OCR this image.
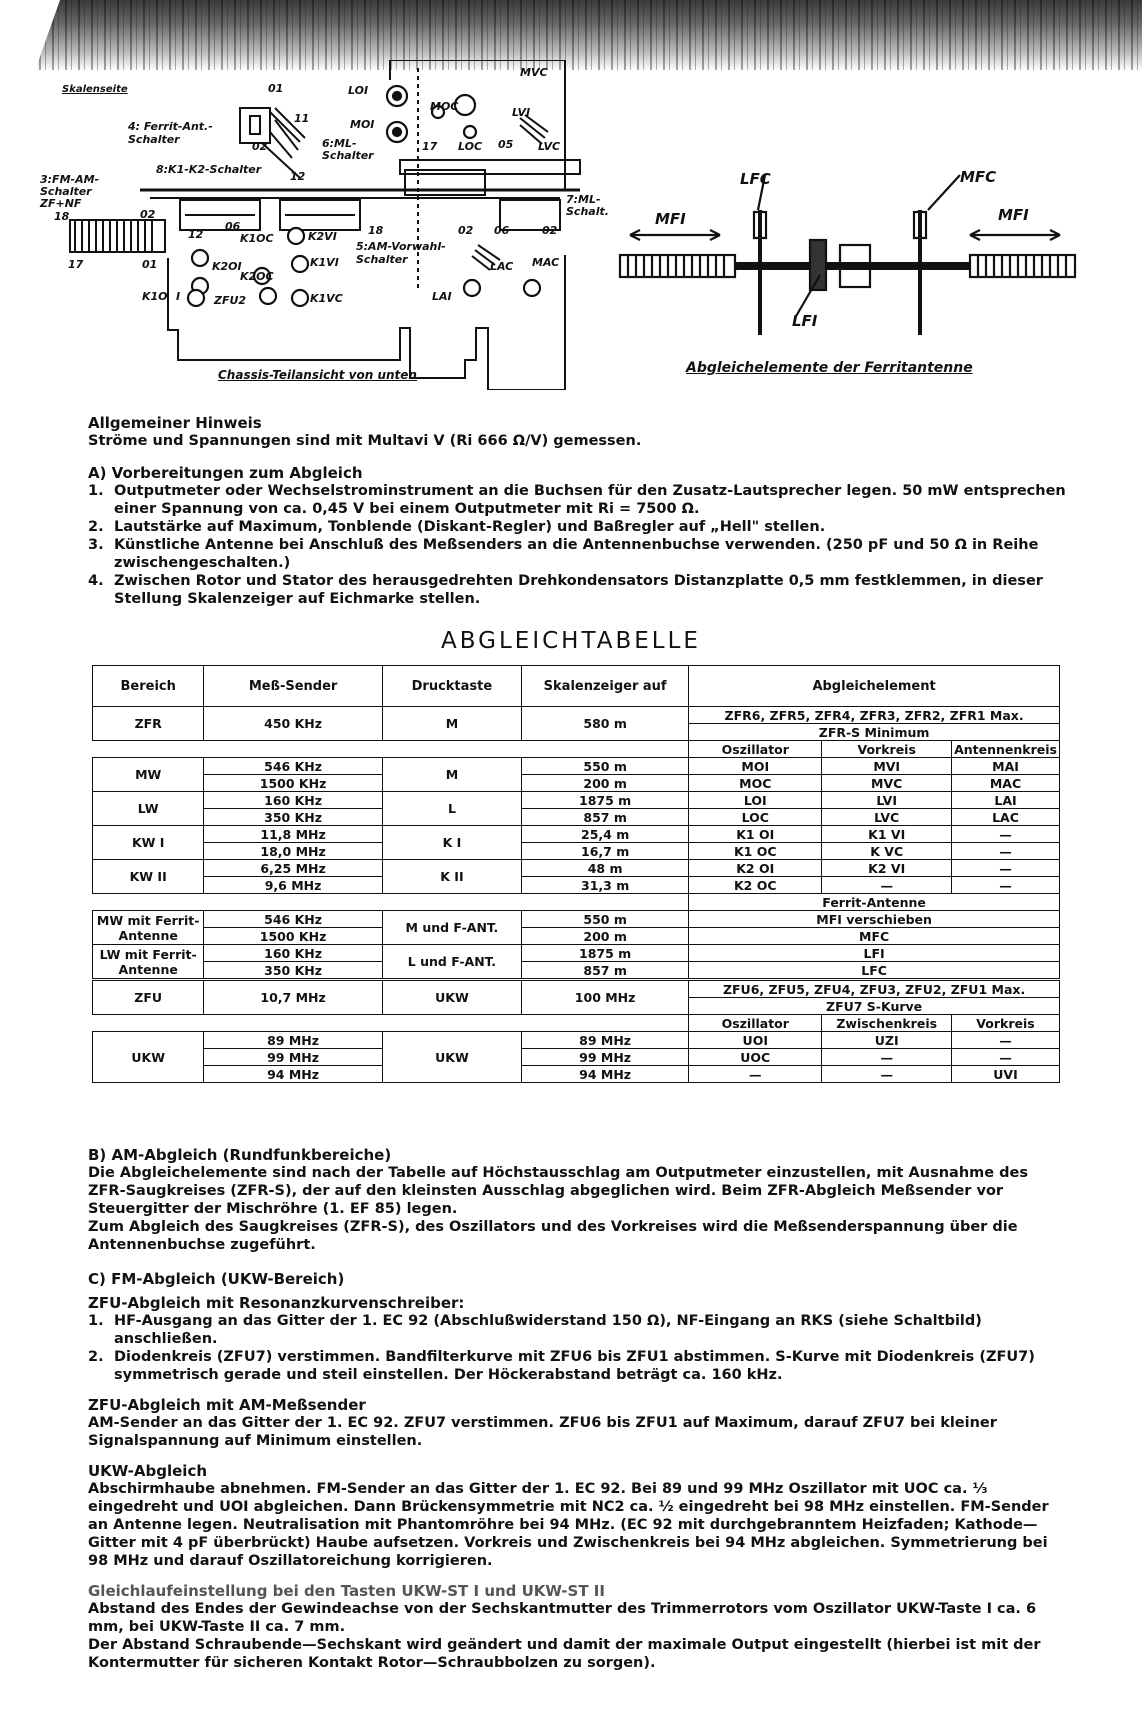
Skalenseite	01
11
4: Ferrit-Ant.-Schalter
02
8:K1-K2-Schalter
12
3:FM-AM-Schalter ZF+NF
18	02
17	01
12
06
K1OC	K2VI
K2OI	K1VI
K2OC
K1O I	ZFU2	K1VC
LOI
MOI
6:ML-Schalter
17
MOC
LOC 05 LVC
MVC
LVI
18
5:AM-Vorwahl-Schalter
02 06	02
7:ML-Schalt.
LAC MAC
LAI
Chassis-Teilansicht von unten
LFC	MFC
MFI	MFI
LFI
Abgleichelemente der Ferritantenne

Allgemeiner Hinweis

Ströme und Spannungen sind mit Multavi V (Ri 666 Ω/V) gemessen.

A) Vorbereitungen zum Abgleich

1. Outputmeter oder Wechselstrominstrument an die Buchsen für den Zusatz-Lautsprecher legen. 50 mW entsprechen einer Spannung von ca. 0,45 V bei einem Outputmeter mit Ri = 7500 Ω.
2. Lautstärke auf Maximum, Tonblende (Diskant-Regler) und Baßregler auf „Hell" stellen.
3. Künstliche Antenne bei Anschluß des Meßsenders an die Antennenbuchse verwenden. (250 pF und 50 Ω in Reihe zwischengeschalten.)
4. Zwischen Rotor und Stator des herausgedrehten Drehkondensators Distanzplatte 0,5 mm festklemmen, in dieser Stellung Skalenzeiger auf Eichmarke stellen.
ABGLEICHTABELLE
Bereich	Meß-Sender	Drucktaste	Skalenzeiger auf	Abgleichelement		
ZFR	450 KHz	M	580 m	ZFR6, ZFR5, ZFR4, ZFR3, ZFR2, ZFR1 Max.		
				ZFR-S Minimum		
				Oszillator	Vorkreis	Antennenkreis
MW	546 KHz	M	550 m	MOI	MVI	MAI
	1500 KHz		200 m	MOC	MVC	MAC
LW	160 KHz	L	1875 m	LOI	LVI	LAI
	350 KHz		857 m	LOC	LVC	LAC
KW I	11,8 MHz	K I	25,4 m	K1 OI	K1 VI	—
	18,0 MHz		16,7 m	K1 OC	K VC	—
KW II	6,25 MHz	K II	48 m	K2 OI	K2 VI	—
	9,6 MHz		31,3 m	K2 OC	—	—
				Ferrit-Antenne		
MW mit Ferrit-Antenne	546 KHz	M und F-ANT.	550 m	MFI verschieben		
	1500 KHz		200 m	MFC		
LW mit Ferrit-Antenne	160 KHz	L und F-ANT.	1875 m	LFI		
	350 KHz		857 m	LFC		
ZFU	10,7 MHz	UKW	100 MHz	ZFU6, ZFU5, ZFU4, ZFU3, ZFU2, ZFU1 Max.		
				ZFU7 S-Kurve		
				Oszillator	Zwischenkreis	Vorkreis
UKW	89 MHz	UKW	89 MHz	UOI	UZI	—
	99 MHz		99 MHz	UOC	—	—
	94 MHz		94 MHz	—	—	UVI

B) AM-Abgleich (Rundfunkbereiche)

Die Abgleichelemente sind nach der Tabelle auf Höchstausschlag am Outputmeter einzustellen, mit Ausnahme des ZFR-Saugkreises (ZFR-S), der auf den kleinsten Ausschlag abgeglichen wird. Beim ZFR-Abgleich Meßsender vor Steuergitter der Mischröhre (1. EF 85) legen.

Zum Abgleich des Saugkreises (ZFR-S), des Oszillators und des Vorkreises wird die Meßsenderspannung über die Antennenbuchse zugeführt.

C) FM-Abgleich (UKW-Bereich)

ZFU-Abgleich mit Resonanzkurvenschreiber:

1. HF-Ausgang an das Gitter der 1. EC 92 (Abschlußwiderstand 150 Ω), NF-Eingang an RKS (siehe Schaltbild) anschließen.
2. Diodenkreis (ZFU7) verstimmen. Bandfilterkurve mit ZFU6 bis ZFU1 abstimmen. S-Kurve mit Diodenkreis (ZFU7) symmetrisch gerade und steil einstellen. Der Höckerabstand beträgt ca. 160 kHz.

ZFU-Abgleich mit AM-Meßsender

AM-Sender an das Gitter der 1. EC 92. ZFU7 verstimmen. ZFU6 bis ZFU1 auf Maximum, darauf ZFU7 bei kleiner Signalspannung auf Minimum einstellen.

UKW-Abgleich

Abschirmhaube abnehmen. FM-Sender an das Gitter der 1. EC 92. Bei 89 und 99 MHz Oszillator mit UOC ca. ⅓ eingedreht und UOI abgleichen. Dann Brückensymmetrie mit NC2 ca. ½ eingedreht bei 98 MHz einstellen. FM-Sender an Antenne legen. Neutralisation mit Phantomröhre bei 94 MHz. (EC 92 mit durchgebranntem Heizfaden; Kathode—Gitter mit 4 pF überbrückt) Haube aufsetzen. Vorkreis und Zwischenkreis bei 94 MHz abgleichen. Symmetrierung bei 98 MHz und darauf Oszillatoreichung korrigieren.

Gleichlaufeinstellung bei den Tasten UKW-ST I und UKW-ST II

Abstand des Endes der Gewindeachse von der Sechskantmutter des Trimmerrotors vom Oszillator UKW-Taste I ca. 6 mm, bei UKW-Taste II ca. 7 mm.

Der Abstand Schraubende—Sechskant wird geändert und damit der maximale Output eingestellt (hierbei ist mit der Kontermutter für sicheren Kontakt Rotor—Schraubbolzen zu sorgen).
